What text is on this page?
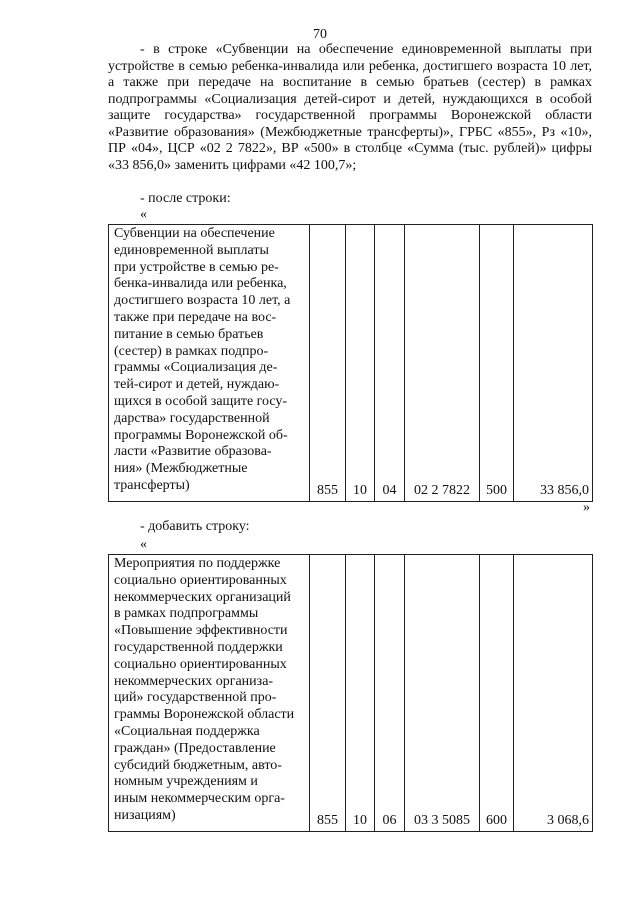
70
- в строке «Субвенции на обеспечение единовременной выплаты при устройстве в семью ребенка-инвалида или ребенка, достигшего возраста 10 лет, а также при передаче на воспитание в семью братьев (сестер) в рамках подпрограммы «Социализация детей-сирот и детей, нуждающихся в особой защите государства» государственной программы Воронежской области «Развитие образования» (Межбюджетные трансферты)», ГРБС «855», Рз «10», ПР «04», ЦСР «02 2 7822», ВР «500» в столбце «Сумма (тыс. рублей)» цифры «33 856,0» заменить цифрами «42 100,7»;
- после строки:
«
Субвенции на обеспечение
единовременной выплаты
при устройстве в семью ре-
бенка-инвалида или ребенка,
достигшего возраста 10 лет, а
также при передаче на вос-
питание в семью братьев
(сестер) в рамках подпро-
граммы «Социализация де-
тей-сирот и детей, нуждаю-
щихся в особой защите госу-
дарства» государственной
программы Воронежской об-
ласти «Развитие образова-
ния» (Межбюджетные
трансферты)	855	10	04	02 2 7822	500	33 856,0
»
- добавить строку:
«
Мероприятия по поддержке
социально ориентированных
некоммерческих организаций
в рамках подпрограммы
«Повышение эффективности
государственной поддержки
социально ориентированных
некоммерческих организа-
ций» государственной про-
граммы Воронежской области
«Социальная поддержка
граждан» (Предоставление
субсидий бюджетным, авто-
номным учреждениям и
иным некоммерческим орга-
низациям)	855	10	06	03 3 5085	600	3 068,6
